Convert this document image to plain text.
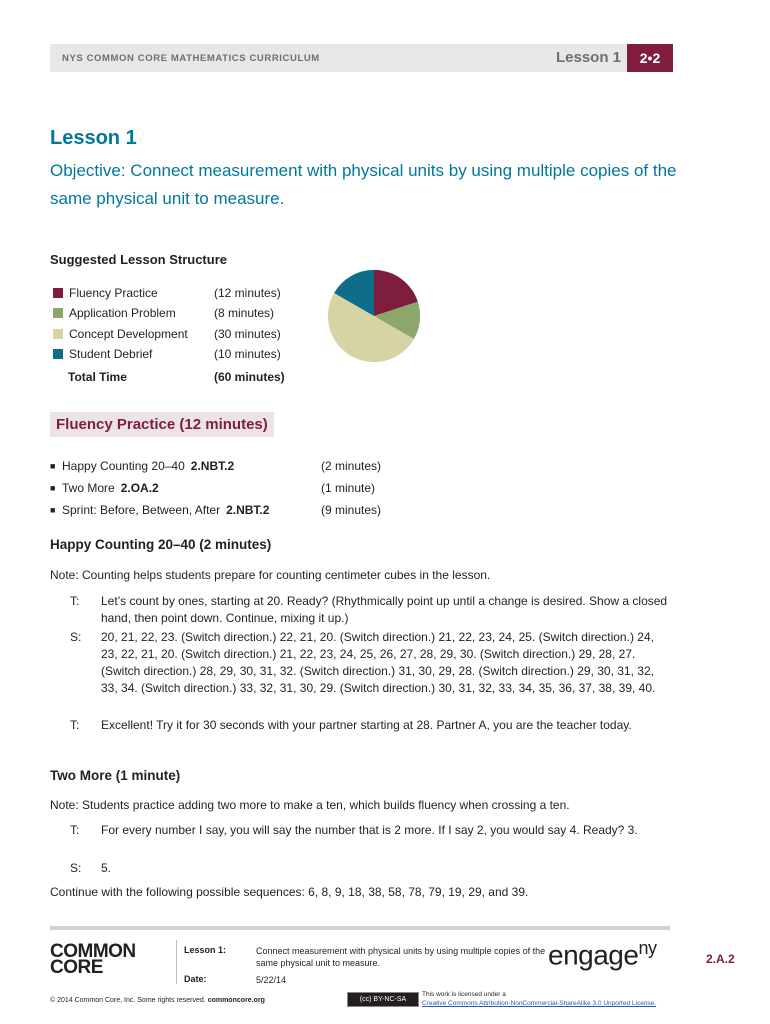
NYS COMMON CORE MATHEMATICS CURRICULUM	Lesson 1	2•2
Lesson 1
Objective: Connect measurement with physical units by using multiple copies of the same physical unit to measure.
Suggested Lesson Structure
Fluency Practice	(12 minutes)
Application Problem	(8 minutes)
Concept Development (30 minutes)
Student Debrief	(10 minutes)
Total Time	(60 minutes)
Fluency Practice (12 minutes)
■ Happy Counting 20–40 2.NBT.2	(2 minutes)
■ Two More 2.OA.2	(1 minute)
■ Sprint: Before, Between, After 2.NBT.2	(9 minutes)
Happy Counting 20–40 (2 minutes)
Note: Counting helps students prepare for counting centimeter cubes in the lesson.
T: Let’s count by ones, starting at 20. Ready? (Rhythmically point up until a change is desired. Show a closed hand, then point down. Continue, mixing it up.)
S: 20, 21, 22, 23. (Switch direction.) 22, 21, 20. (Switch direction.) 21, 22, 23, 24, 25. (Switch direction.) 24, 23, 22, 21, 20. (Switch direction.) 21, 22, 23, 24, 25, 26, 27, 28, 29, 30. (Switch direction.) 29, 28, 27. (Switch direction.) 28, 29, 30, 31, 32. (Switch direction.) 31, 30, 29, 28. (Switch direction.) 29, 30, 31, 32, 33, 34. (Switch direction.) 33, 32, 31, 30, 29. (Switch direction.) 30, 31, 32, 33, 34, 35, 36, 37, 38, 39, 40.
T: Excellent! Try it for 30 seconds with your partner starting at 28. Partner A, you are the teacher today.
Two More (1 minute)
Note: Students practice adding two more to make a ten, which builds fluency when crossing a ten.
T: For every number I say, you will say the number that is 2 more. If I say 2, you would say 4. Ready? 3.
S: 5.
Continue with the following possible sequences: 6, 8, 9, 18, 38, 58, 78, 79, 19, 29, and 39.
COMMON
CORE
Lesson 1:	Connect measurement with physical units by using multiple copies of the same physical unit to measure.
Date:	5/22/14
engage$^{ny}$
2.A.2
© 2014 Common Core, Inc. Some rights reserved. commoncore.org	(cc) BY-NC-SA
This work is licensed under a
Creative Commons Attribution-NonCommercial-ShareAlike 3.0 Unported License.
